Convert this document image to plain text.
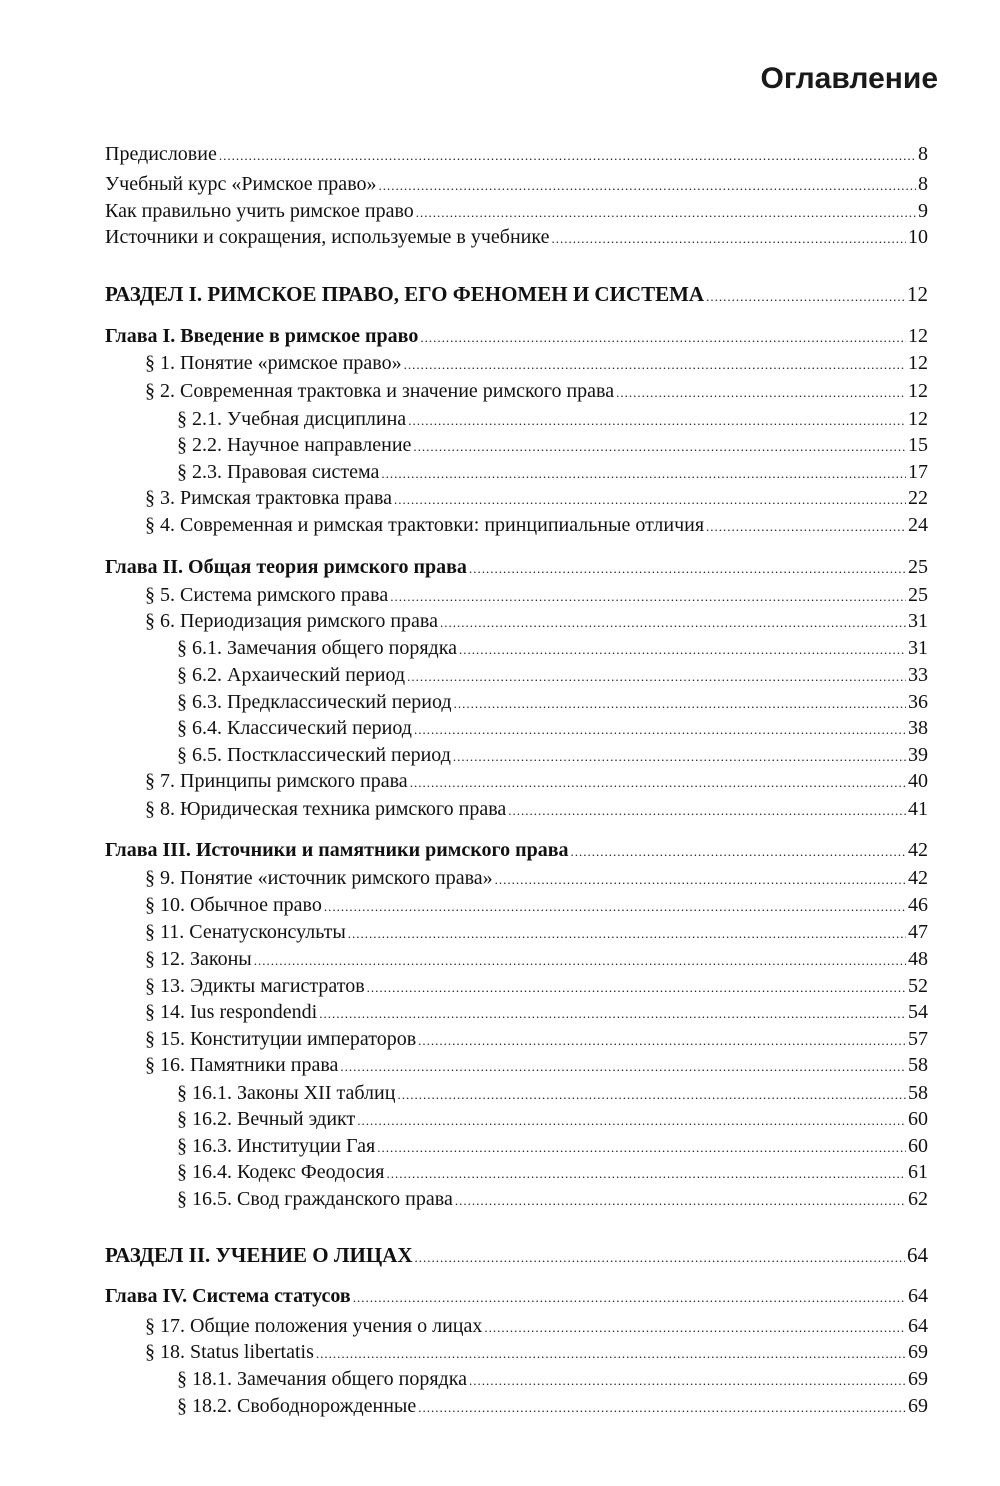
Оглавление
Предисловие .....	8
Учебный курс «Римское право» .....	8
Как правильно учить римское право .....	9
Источники и сокращения, используемые в учебнике .....	10
РАЗДЕЛ I. РИМСКОЕ ПРАВО, ЕГО ФЕНОМЕН И СИСТЕМА .....	12
Глава I. Введение в римское право .....	12
§ 1. Понятие «римское право» .....	12
§ 2. Современная трактовка и значение римского права .....	12
§ 2.1. Учебная дисциплина .....	12
§ 2.2. Научное направление .....	15
§ 2.3. Правовая система .....	17
§ 3. Римская трактовка права .....	22
§ 4. Современная и римская трактовки: принципиальные отличия .....	24
Глава II. Общая теория римского права .....	25
§ 5. Система римского права .....	25
§ 6. Периодизация римского права .....	31
§ 6.1. Замечания общего порядка .....	31
§ 6.2. Архаический период .....	33
§ 6.3. Предклассический период .....	36
§ 6.4. Классический период .....	38
§ 6.5. Постклассический период .....	39
§ 7. Принципы римского права .....	40
§ 8. Юридическая техника римского права .....	41
Глава III. Источники и памятники римского права .....	42
§ 9. Понятие «источник римского права» .....	42
§ 10. Обычное право .....	46
§ 11. Сенатусконсульты .....	47
§ 12. Законы .....	48
§ 13. Эдикты магистратов .....	52
§ 14. Ius respondendi .....	54
§ 15. Конституции императоров .....	57
§ 16. Памятники права .....	58
§ 16.1. Законы XII таблиц .....	58
§ 16.2. Вечный эдикт .....	60
§ 16.3. Институции Гая .....	60
§ 16.4. Кодекс Феодосия .....	61
§ 16.5. Свод гражданского права .....	62
РАЗДЕЛ II. УЧЕНИЕ О ЛИЦАХ .....	64
Глава IV. Система статусов .....	64
§ 17. Общие положения учения о лицах .....	64
§ 18. Status libertatis .....	69
§ 18.1. Замечания общего порядка .....	69
§ 18.2. Свободнорожденные .....	69
